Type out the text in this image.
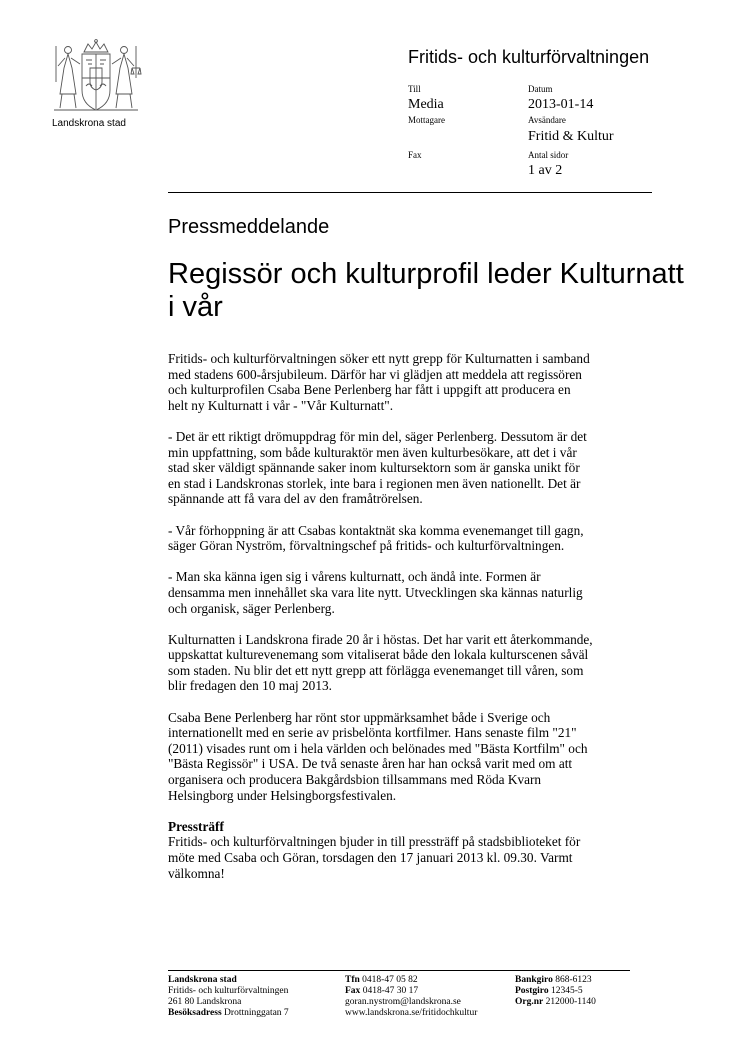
Landskrona stad
Fritids- och kulturförvaltningen
Till
Media
Mottagare
Fax
Datum
2013-01-14
Avsändare
Fritid & Kultur
Antal sidor
1 av 2
Pressmeddelande
Regissör och kulturprofil leder Kulturnatt i vår

Fritids- och kulturförvaltningen söker ett nytt grepp för Kulturnatten i samband
med stadens 600-årsjubileum. Därför har vi glädjen att meddela att regissören
och kulturprofilen Csaba Bene Perlenberg har fått i uppgift att producera en
helt ny Kulturnatt i vår - "Vår Kulturnatt".

- Det är ett riktigt drömuppdrag för min del, säger Perlenberg. Dessutom är det
min uppfattning, som både kulturaktör men även kulturbesökare, att det i vår
stad sker väldigt spännande saker inom kultursektorn som är ganska unikt för
en stad i Landskronas storlek, inte bara i regionen men även nationellt. Det är
spännande att få vara del av den framåtrörelsen.

- Vår förhoppning är att Csabas kontaktnät ska komma evenemanget till gagn,
säger Göran Nyström, förvaltningschef på fritids- och kulturförvaltningen.

- Man ska känna igen sig i vårens kulturnatt, och ändå inte. Formen är
densamma men innehållet ska vara lite nytt. Utvecklingen ska kännas naturlig
och organisk, säger Perlenberg.

Kulturnatten i Landskrona firade 20 år i höstas. Det har varit ett återkommande,
uppskattat kulturevenemang som vitaliserat både den lokala kulturscenen såväl
som staden. Nu blir det ett nytt grepp att förlägga evenemanget till våren, som
blir fredagen den 10 maj 2013.

Csaba Bene Perlenberg har rönt stor uppmärksamhet både i Sverige och
internationellt med en serie av prisbelönta kortfilmer. Hans senaste film "21"
(2011) visades runt om i hela världen och belönades med "Bästa Kortfilm" och
"Bästa Regissör" i USA. De två senaste åren har han också varit med om att
organisera och producera Bakgårdsbion tillsammans med Röda Kvarn
Helsingborg under Helsingborgsfestivalen.

Pressträff

Fritids- och kulturförvaltningen bjuder in till pressträff på stadsbiblioteket för
möte med Csaba och Göran, torsdagen den 17 januari 2013 kl. 09.30. Varmt
välkomna!

Landskrona stad
Fritids- och kulturförvaltningen
261 80 Landskrona
Besöksadress Drottninggatan 7
Tfn 0418-47 05 82
Fax 0418-47 30 17
goran.nystrom@landskrona.se
www.landskrona.se/fritidochkultur
Bankgiro 868-6123
Postgiro 12345-5
Org.nr 212000-1140
